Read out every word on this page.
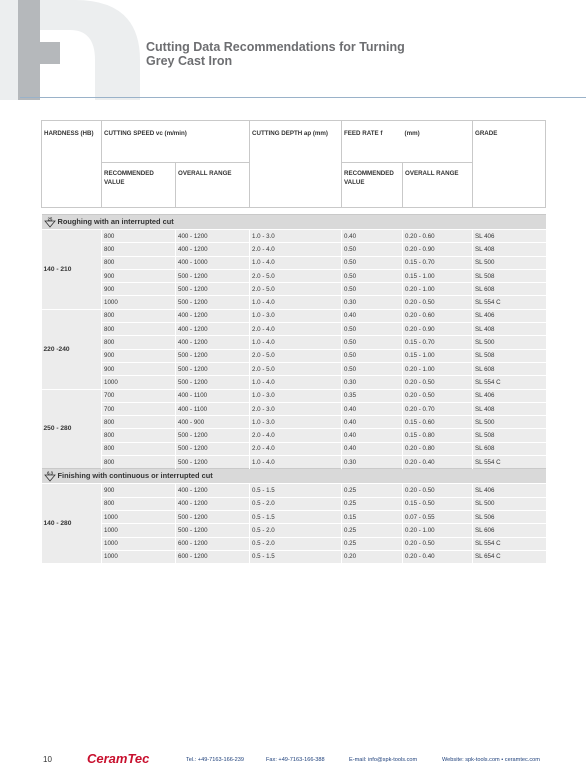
Cutting Data Recommendations for Turning
Grey Cast Iron
HARDNESS (HB)	CUTTING SPEED vc (m/min)		CUTTING DEPTH ap (mm)	FEED RATE f	(mm)	GRADE
	RECOMMENDED VALUE	OVERALL RANGE		RECOMMENDED VALUE	OVERALL RANGE	

25 Roughing with an interrupted cut						
140 - 210	800	400 - 1200	1.0 - 3.0	0.40	0.20 - 0.60	SL 406
	800	400 - 1200	2.0 - 4.0	0.50	0.20 - 0.90	SL 408
	800	400 - 1000	1.0 - 4.0	0.50	0.15 - 0.70	SL 500
	900	500 - 1200	2.0 - 5.0	0.50	0.15 - 1.00	SL 508
	900	500 - 1200	2.0 - 5.0	0.50	0.20 - 1.00	SL 608
	1000	500 - 1200	1.0 - 4.0	0.30	0.20 - 0.50	SL 554 C
220 -240	800	400 - 1200	1.0 - 3.0	0.40	0.20 - 0.60	SL 406
	800	400 - 1200	2.0 - 4.0	0.50	0.20 - 0.90	SL 408
	800	400 - 1200	1.0 - 4.0	0.50	0.15 - 0.70	SL 500
	900	500 - 1200	2.0 - 5.0	0.50	0.15 - 1.00	SL 508
	900	500 - 1200	2.0 - 5.0	0.50	0.20 - 1.00	SL 608
	1000	500 - 1200	1.0 - 4.0	0.30	0.20 - 0.50	SL 554 C
250 - 280	700	400 - 1100	1.0 - 3.0	0.35	0.20 - 0.50	SL 406
	700	400 - 1100	2.0 - 3.0	0.40	0.20 - 0.70	SL 408
	800	400 - 900	1.0 - 3.0	0.40	0.15 - 0.60	SL 500
	800	500 - 1200	2.0 - 4.0	0.40	0.15 - 0.80	SL 508
	800	500 - 1200	2.0 - 4.0	0.40	0.20 - 0.80	SL 608
	800	500 - 1200	1.0 - 4.0	0.30	0.20 - 0.40	SL 554 C

6.3 Finishing with continuous or interrupted cut						
140 - 280	900	400 - 1200	0.5 - 1.5	0.25	0.20 - 0.50	SL 406
	800	400 - 1200	0.5 - 2.0	0.25	0.15 - 0.50	SL 500
	1000	500 - 1200	0.5 - 1.5	0.15	0.07 - 0.55	SL 506
	1000	500 - 1200	0.5 - 2.0	0.25	0.20 - 1.00	SL 606
	1000	600 - 1200	0.5 - 2.0	0.25	0.20 - 0.50	SL 554 C
	1000	600 - 1200	0.5 - 1.5	0.20	0.20 - 0.40	SL 654 C
10	CeramTec	Tel.: +49-7163-166-239	Fax: +49-7163-166-388	E-mail: info@spk-tools.com	Website: spk-tools.com • ceramtec.com
